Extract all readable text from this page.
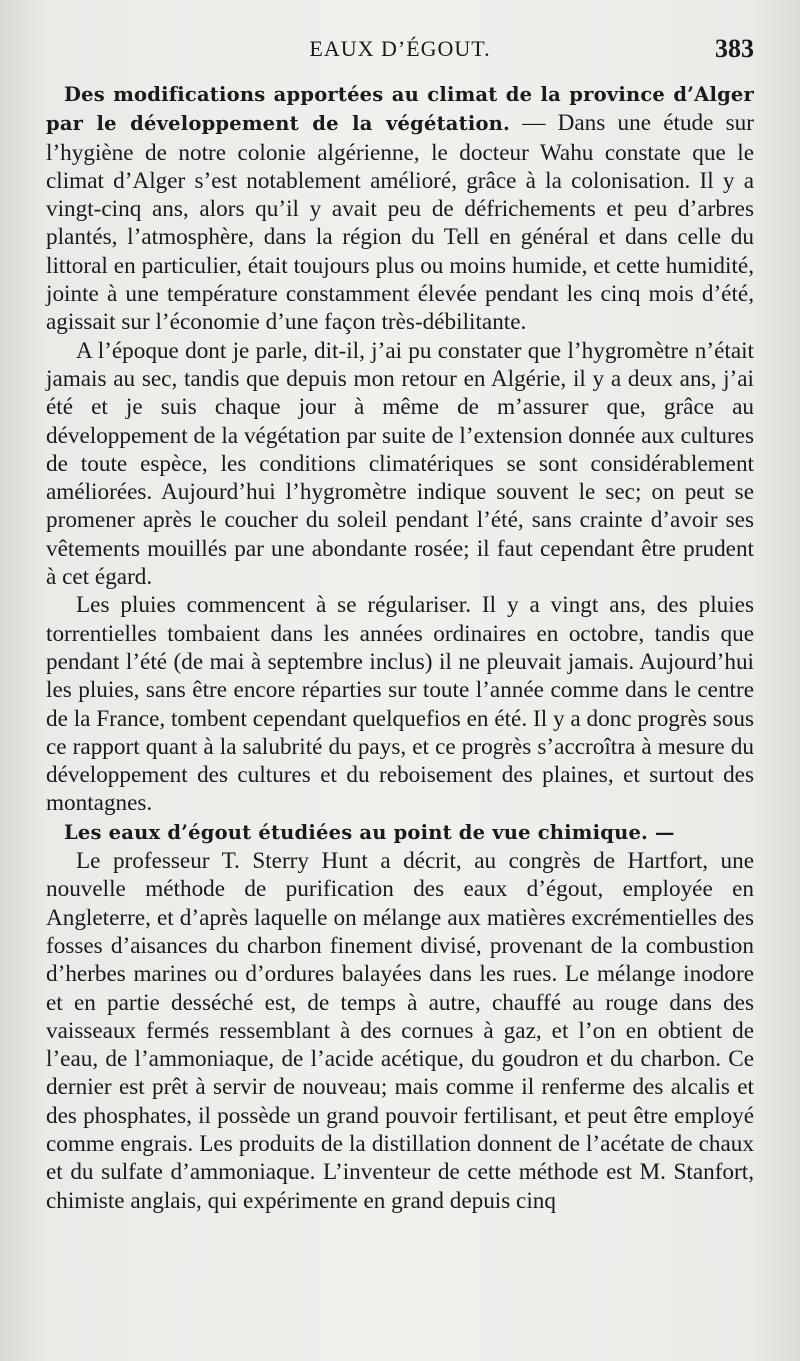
EAUX D’ÉGOUT.	383

Des modifications apportées au climat de la province d’Alger par le développement de la végétation. — Dans une étude sur l’hygiène de notre colonie algérienne, le docteur Wahu constate que le climat d’Alger s’est notablement amélioré, grâce à la colonisation. Il y a vingt-cinq ans, alors qu’il y avait peu de défrichements et peu d’arbres plantés, l’atmosphère, dans la région du Tell en général et dans celle du littoral en particulier, était toujours plus ou moins humide, et cette humidité, jointe à une température constamment élevée pendant les cinq mois d’été, agissait sur l’économie d’une façon très-débilitante.

A l’époque dont je parle, dit-il, j’ai pu constater que l’hygromètre n’était jamais au sec, tandis que depuis mon retour en Algérie, il y a deux ans, j’ai été et je suis chaque jour à même de m’assurer que, grâce au développement de la végétation par suite de l’extension donnée aux cultures de toute espèce, les conditions climatériques se sont considérablement améliorées. Aujourd’hui l’hygromètre indique souvent le sec; on peut se promener après le coucher du soleil pendant l’été, sans crainte d’avoir ses vêtements mouillés par une abondante rosée; il faut cependant être prudent à cet égard.

Les pluies commencent à se régulariser. Il y a vingt ans, des pluies torrentielles tombaient dans les années ordinaires en octobre, tandis que pendant l’été (de mai à septembre inclus) il ne pleuvait jamais. Aujourd’hui les pluies, sans être encore réparties sur toute l’année comme dans le centre de la France, tombent cependant quelquefios en été. Il y a donc progrès sous ce rapport quant à la salubrité du pays, et ce progrès s’accroîtra à mesure du développement des cultures et du reboisement des plaines, et surtout des montagnes.

Les eaux d’égout étudiées au point de vue chimique. —

Le professeur T. Sterry Hunt a décrit, au congrès de Hartfort, une nouvelle méthode de purification des eaux d’égout, employée en Angleterre, et d’après laquelle on mélange aux matières excrémentielles des fosses d’aisances du charbon finement divisé, provenant de la combustion d’herbes marines ou d’ordures balayées dans les rues. Le mélange inodore et en partie desséché est, de temps à autre, chauffé au rouge dans des vaisseaux fermés ressemblant à des cornues à gaz, et l’on en obtient de l’eau, de l’ammoniaque, de l’acide acétique, du goudron et du charbon. Ce dernier est prêt à servir de nouveau; mais comme il renferme des alcalis et des phosphates, il possède un grand pouvoir fertilisant, et peut être employé comme engrais. Les produits de la distillation donnent de l’acétate de chaux et du sulfate d’ammoniaque. L’inventeur de cette méthode est M. Stanfort, chimiste anglais, qui expérimente en grand depuis cinq
